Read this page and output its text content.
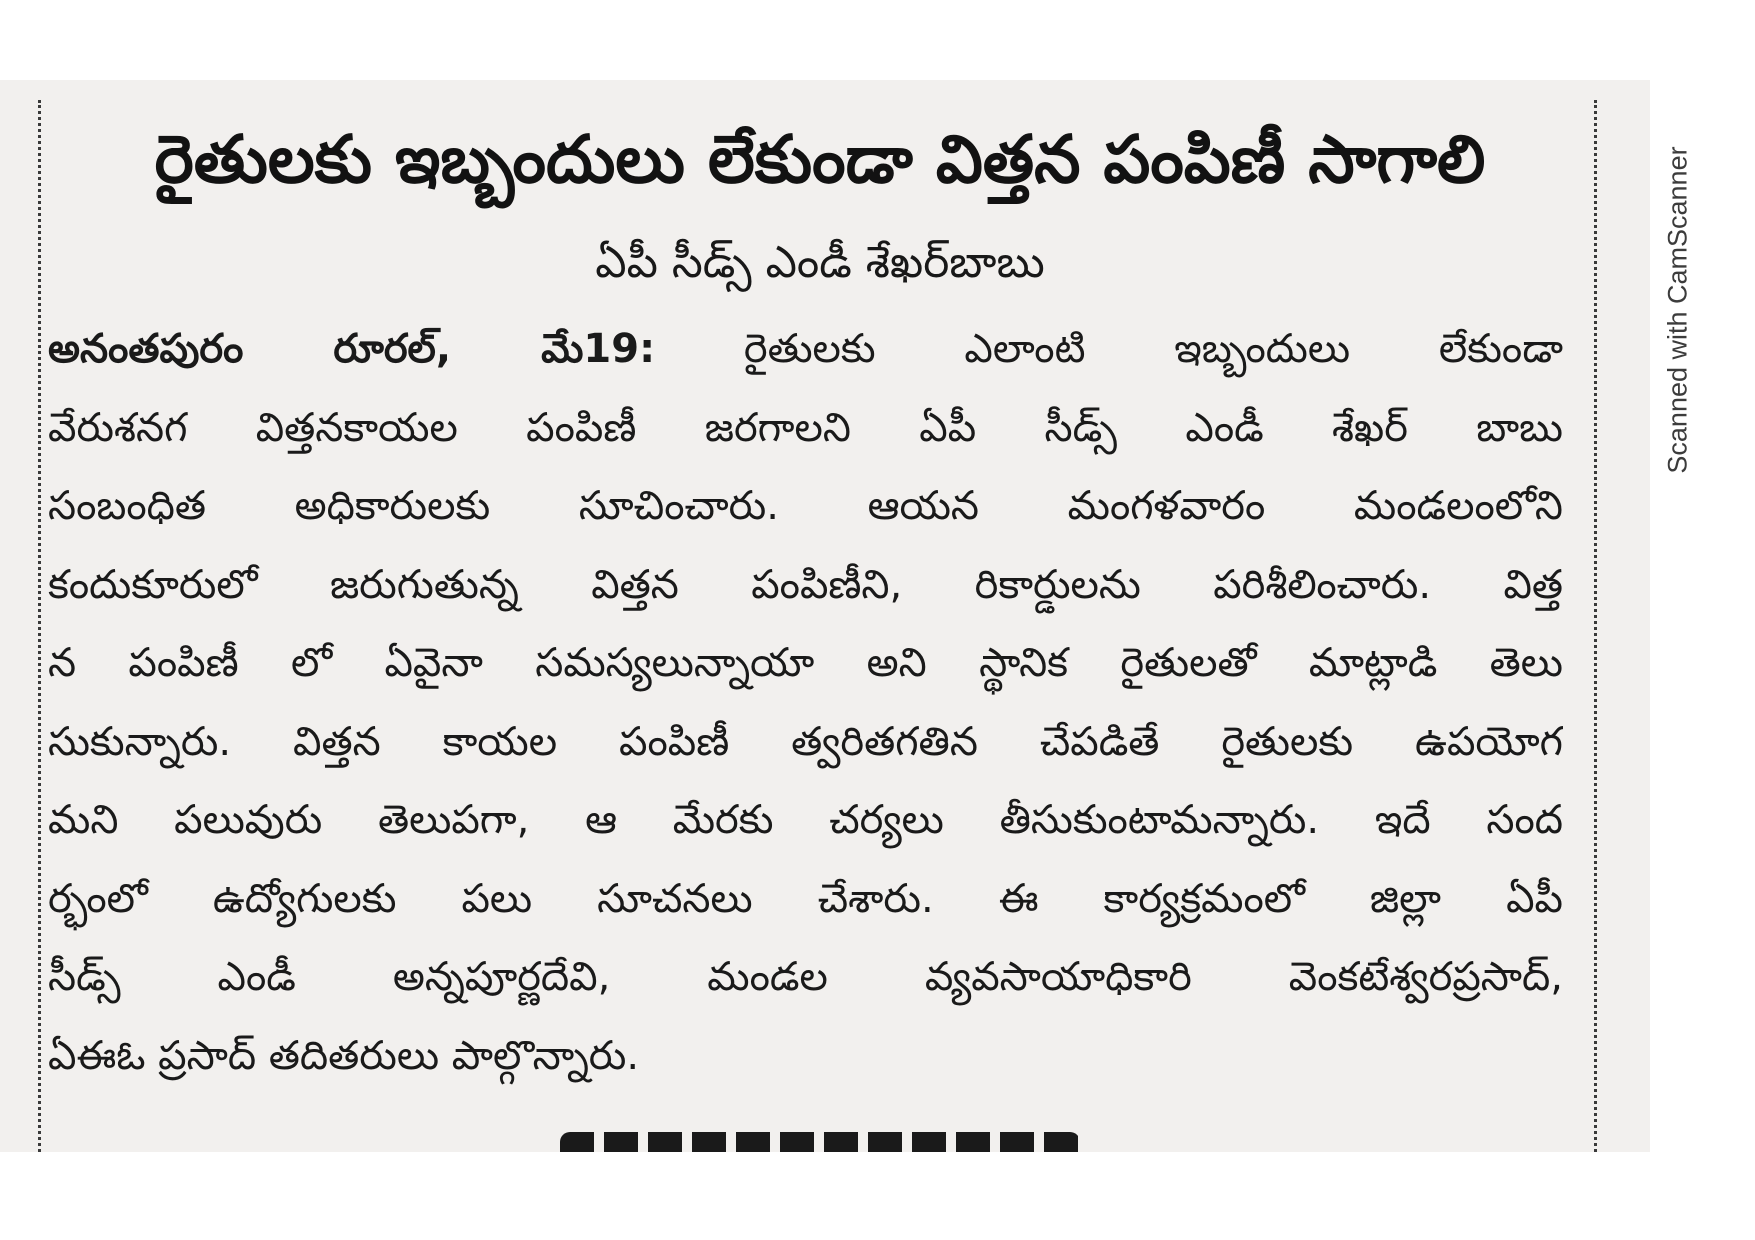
రైతులకు ఇబ్బందులు లేకుండా విత్తన పంపిణీ సాగాలి
ఏపీ సీడ్స్ ఎండీ శేఖర్‌బాబు
అనంతపురం రూరల్, మే19: రైతులకు ఎలాంటి ఇబ్బందులు లేకుండా
వేరుశనగ విత్తనకాయల పంపిణీ జరగాలని ఏపీ సీడ్స్ ఎండీ శేఖర్ బాబు
సంబంధిత అధికారులకు సూచించారు. ఆయన మంగళవారం మండలంలోని
కందుకూరులో జరుగుతున్న విత్తన పంపిణీని, రికార్డులను పరిశీలించారు. విత్త
న పంపిణీ లో ఏవైనా సమస్యలున్నాయా అని స్థానిక రైతులతో మాట్లాడి తెలు
సుకున్నారు. విత్తన కాయల పంపిణీ త్వరితగతిన చేపడితే రైతులకు ఉపయోగ
మని పలువురు తెలుపగా, ఆ మేరకు చర్యలు తీసుకుంటామన్నారు. ఇదే సంద
ర్భంలో ఉద్యోగులకు పలు సూచనలు చేశారు. ఈ కార్యక్రమంలో జిల్లా ఏపీ
సీడ్స్ ఎండీ అన్నపూర్ణదేవి, మండల వ్యవసాయాధికారి వెంకటేశ్వరప్రసాద్,
ఏఈఓ ప్రసాద్ తదితరులు పాల్గొన్నారు.
Scanned with CamScanner
